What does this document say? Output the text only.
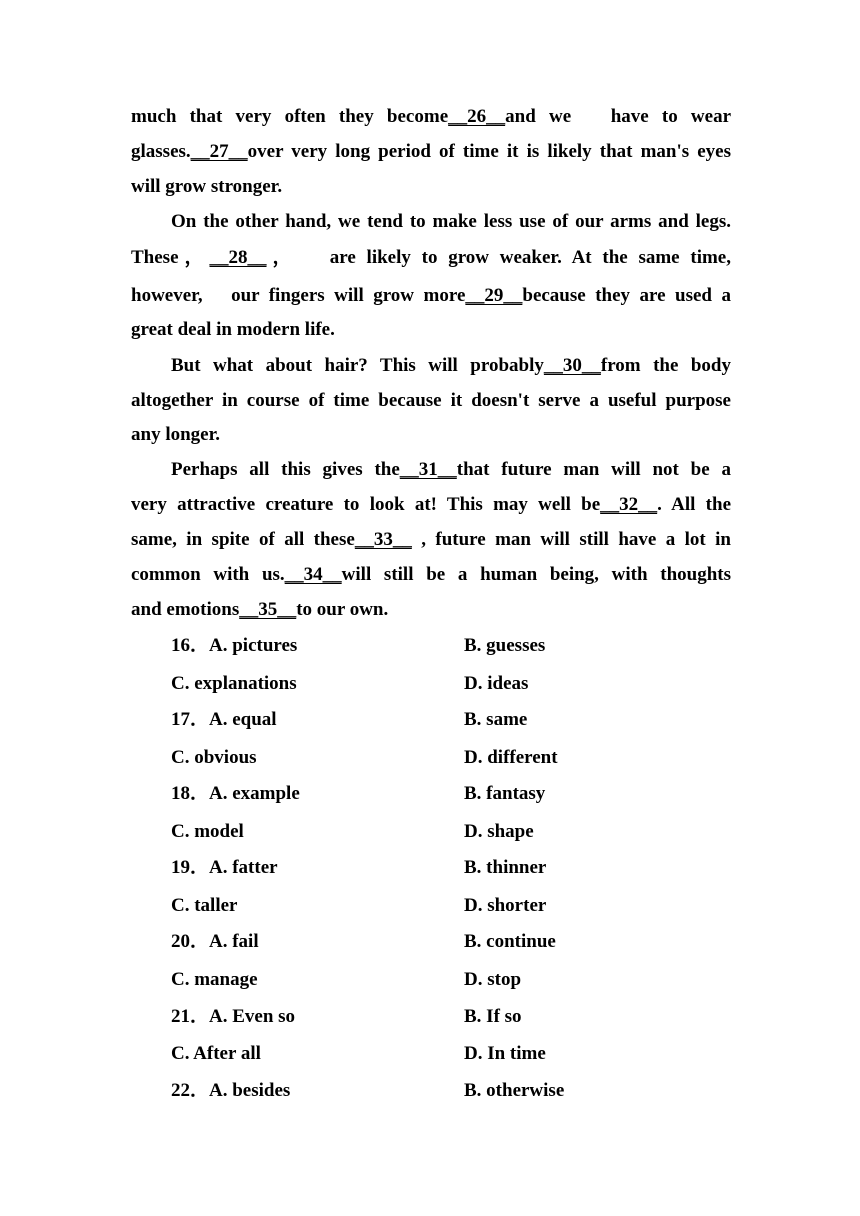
much that very often they become__26__and we   have to wear
glasses.__27__over very long period of time it is likely that man's eyes
will grow stronger.
On the other hand, we tend to make less use of our arms and legs.
These，__28__，   are likely to grow weaker. At the same time,
however,   our fingers will grow more__29__because they are used a
great deal in modern life.
But what about hair? This will probably__30__from the body
altogether in course of time because it doesn't serve a useful purpose
any longer.
Perhaps all this gives the__31__that future man will not be a
very attractive creature to look at! This may well be__32__. All the
same, in spite of all these__33__ , future man will still have a lot in
common with us.__34__will still be a human being, with thoughts
and emotions__35__to our own.
16．A. pictures	B. guesses
C. explanations	D. ideas
17．A. equal	B. same
C. obvious	D. different
18．A. example	B. fantasy
C. model	D. shape
19．A. fatter	B. thinner
C. taller	D. shorter
20．A. fail	B. continue
C. manage	D. stop
21．A. Even so	B. If so
C. After all	D. In time
22．A. besides	B. otherwise
